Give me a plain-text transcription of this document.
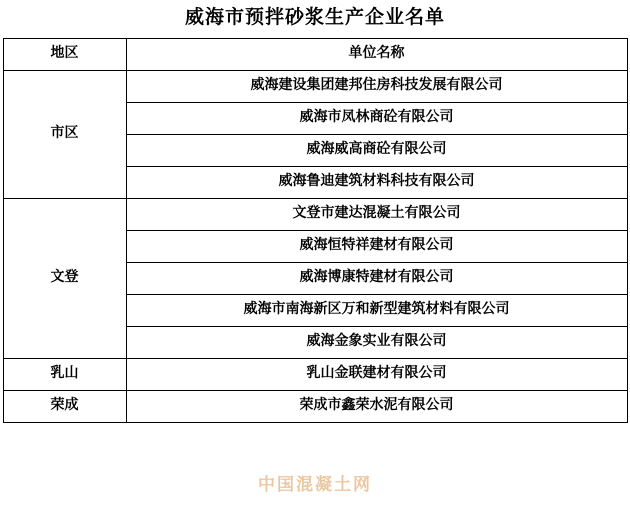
威海市预拌砂浆生产企业名单
地区	单位名称
市区	威海建设集团建邦住房科技发展有限公司
	威海市凤林商砼有限公司
	威海威高商砼有限公司
	威海鲁迪建筑材料科技有限公司
文登	文登市建达混凝土有限公司
	威海恒特祥建材有限公司
	威海博康特建材有限公司
	威海市南海新区万和新型建筑材料有限公司
	威海金象实业有限公司
乳山	乳山金联建材有限公司
荣成	荣成市鑫荣水泥有限公司
中国混凝土网
